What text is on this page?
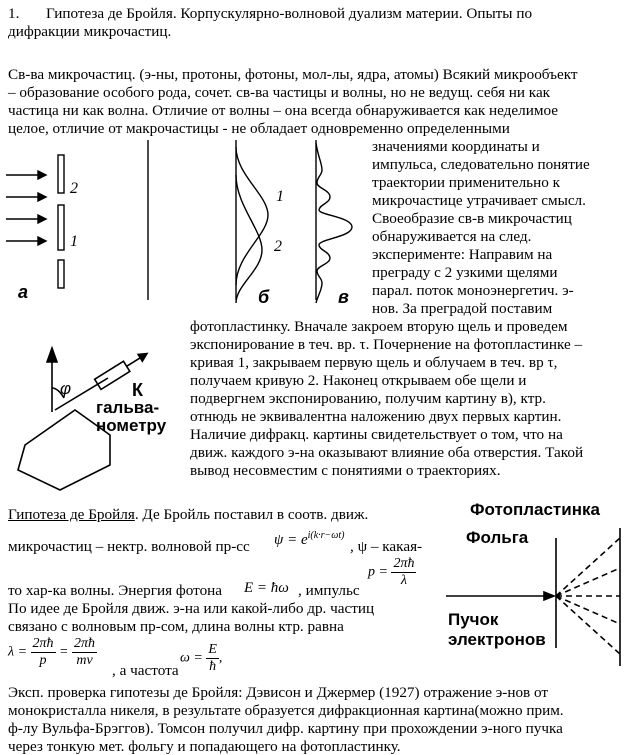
1. Гипотеза де Бройля. Корпускулярно-волновой дуализм материи. Опыты по
дифракции микрочастиц.
Св-ва микрочастиц. (э-ны, протоны, фотоны, мол-лы, ядра, атомы) Всякий микрообъект
– образование особого рода, сочет. св-ва частицы и волны, но не ведущ. себя ни как
частица ни как волна. Отличие от волны – она всегда обнаруживается как неделимое
целое, отличие от макрочастицы - не обладает одновременно определенными
значениями координаты и
импульса, следовательно понятие
траектории применительно к
микрочастице утрачивает смысл.
Своеобразие св-в микрочастиц
обнаруживается на след.
эксперименте: Направим на
преграду с 2 узкими щелями
парал. поток моноэнергетич. э-
нов. За преградой поставим
2
1
1
2
а	б	в
фотопластинку. Вначале закроем вторую щель и проведем
экспонирование в теч. вр. τ. Почернение на фотопластинке –
кривая 1, закрываем первую щель и облучаем в теч. вр τ,
получаем кривую 2. Наконец открываем обе щели и
подвергнем экспонированию, получим картину в), ктр.
отнюдь не эквивалентна наложению двух первых картин.
Наличие дифракц. картины свидетельствует о том, что на
движ. каждого э-на оказывают влияние оба отверстия. Такой
вывод несовместим с понятиями о траекториях.
φ	К
гальва-
нометру
Гипотеза де Бройля. Де Бройль поставил в соотв. движ.
микрочастиц – нектр. волновой пр-сс $\psi = e^{i(k\cdot r-\omega t)}$
, ψ – какая-
$p = \frac{2\pi ħ}{\lambda}$
то хар-ка волны. Энергия фотона E = ħω , импульс
По идее де Бройля движ. э-на или какой-либо др. частиц
связано с волновым пр-сом, длина волны ктр. равна
$\lambda = \frac{2\pi ħ}{p} = \frac{2\pi ħ}{mv}$
, а частота
$\omega = \frac{E}{ħ}$ ,
Фотопластинка
Фольга
Пучок
электронов
Эксп. проверка гипотезы де Бройля: Дэвисон и Джермер (1927) отражение э-нов от
монокристалла никеля, в результате образуется дифракционная картина(можно прим.
ф-лу Вульфа-Брэггов). Томсон получил дифр. картину при прохождении э-ного пучка
через тонкую мет. фольгу и попадающего на фотопластинку.
